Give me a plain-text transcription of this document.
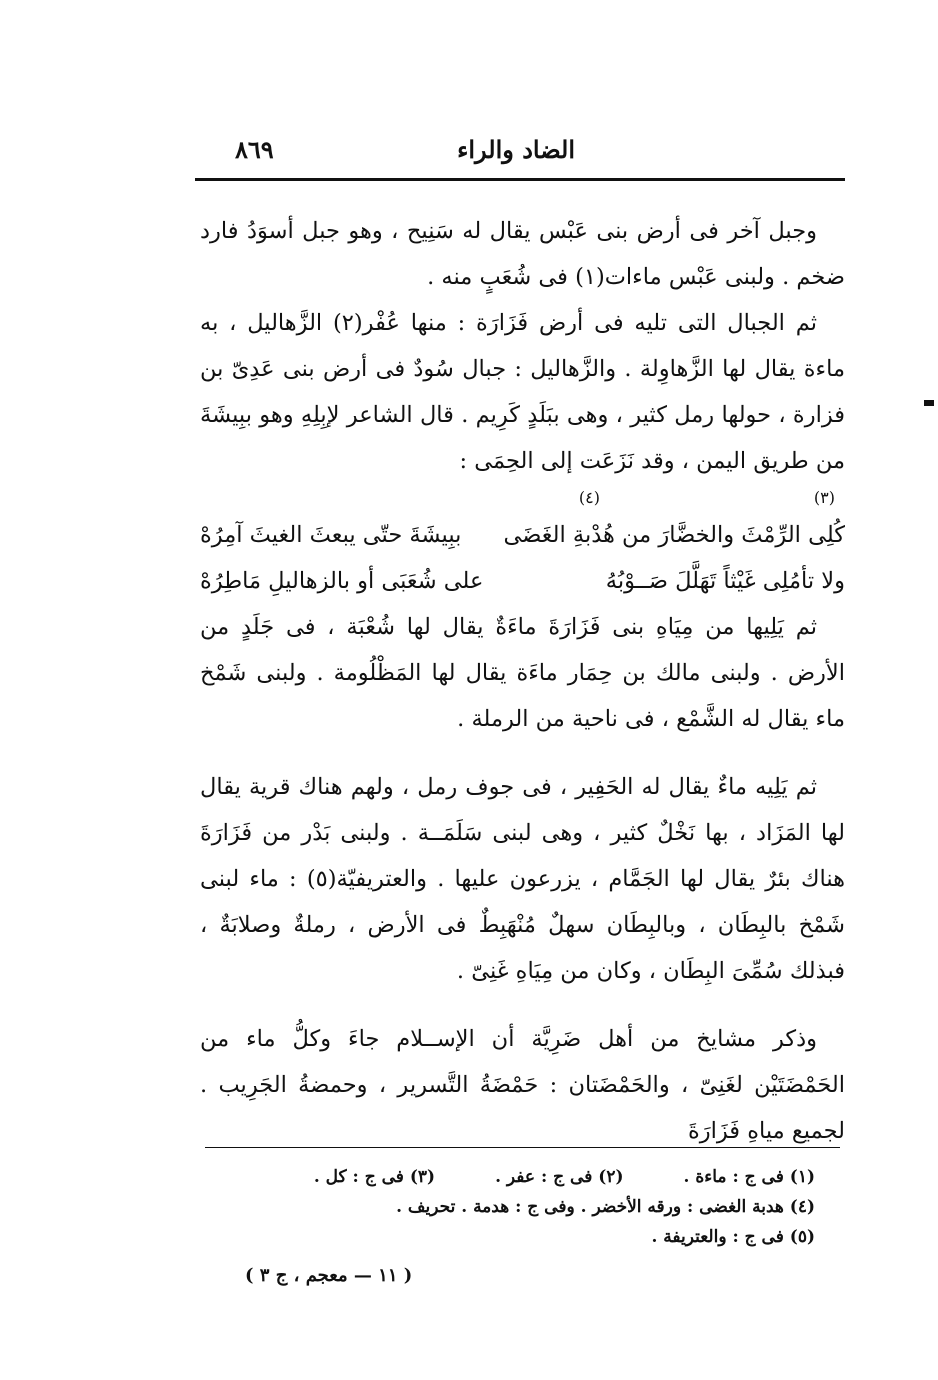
الضاد والراء
٨٦٩

وجبل آخر فى أرض بنى عَبْس يقال له سَنِيح ، وهو جبل أسوَدُ فارد ضخم . ولبنى عَبْس ماءات(١) فى شُعَبٍ منه .

ثم الجبال التى تليه فى أرض فَزَارَة : منها عُفْر(٢) الزَّهاليل ، به ماءة يقال لها الزَّهاوِلة . والزَّهاليل : جبال سُودٌ فى أرض بنى عَدِىّ بن فزارة ، حولها رمل كثير ، وهى ببَلَدٍ كَرِيم . قال الشاعر لإبِلِهِ وهو ببِيشَةَ من طريق اليمن ، وقد نَزَعَت إلى الحِمَى :

(٣)
(٤)
كُلِى الرِّمْثَ والخضَّارَ من هُدْبةِ الغَضَى
ببِيشَةَ حتّى يبعثَ الغيثَ آمِرُهْ
ولا تأمُلِى غَيْثاً تَهَلَّلَ صَــوْبُهُ
على شُعَبَى أو بالزهاليلِ مَاطِرُهْ

ثم يَلِيها من مِيَاهِ بنى فَزَارَةَ ماءَةٌ يقال لها شُعْبَة ، فى جَلَدٍ من الأرض . ولبنى مالك بن حِمَار ماءَة يقال لها المَظْلُومة . ولبنى شَمْخ ماء يقال له الشَّمْع ، فى ناحية من الرملة .

ثم يَلِيه ماءٌ يقال له الحَفِير ، فى جوف رمل ، ولهم هناك قرية يقال لها المَزَاد ، بها نَخْلٌ كثير ، وهى لبنى سَلَمَــة . ولبنى بَدْر من فَزَارَةَ هناك بئرٌ يقال لها الجَمَّام ، يزرعون عليها . والعتريفيّة(٥) : ماء لبنى شَمْخ بالبِطَان ، وبالبِطَان سهلٌ مُنْهَبِطٌ فى الأرض ، رملةٌ وصلابَةٌ ، فبذلك سُمِّىَ البِطَان ، وكان من مِيَاهِ غَنِىّ .

وذكر مشايخ من أهل ضَرِيَّة أن الإســلام جاءَ وكلُّ ماء من الحَمْضَتَيْن لغَنِىّ ، والحَمْضَتان : حَمْضَةُ التَّسرير ، وحمضةُ الجَرِيب . لجميع مياهِ فَزَارَةَ

(١) فى ج : ماءة .
(٢) فى ج : عفر .
(٣) فى ج : كل .
(٤) هدبة الغضى : ورقه الأخضر . وفى ج : هدمة . تحريف .
(٥) فى ج : والعتريفة .
( ١١ — معجم ، ج ٣ )
